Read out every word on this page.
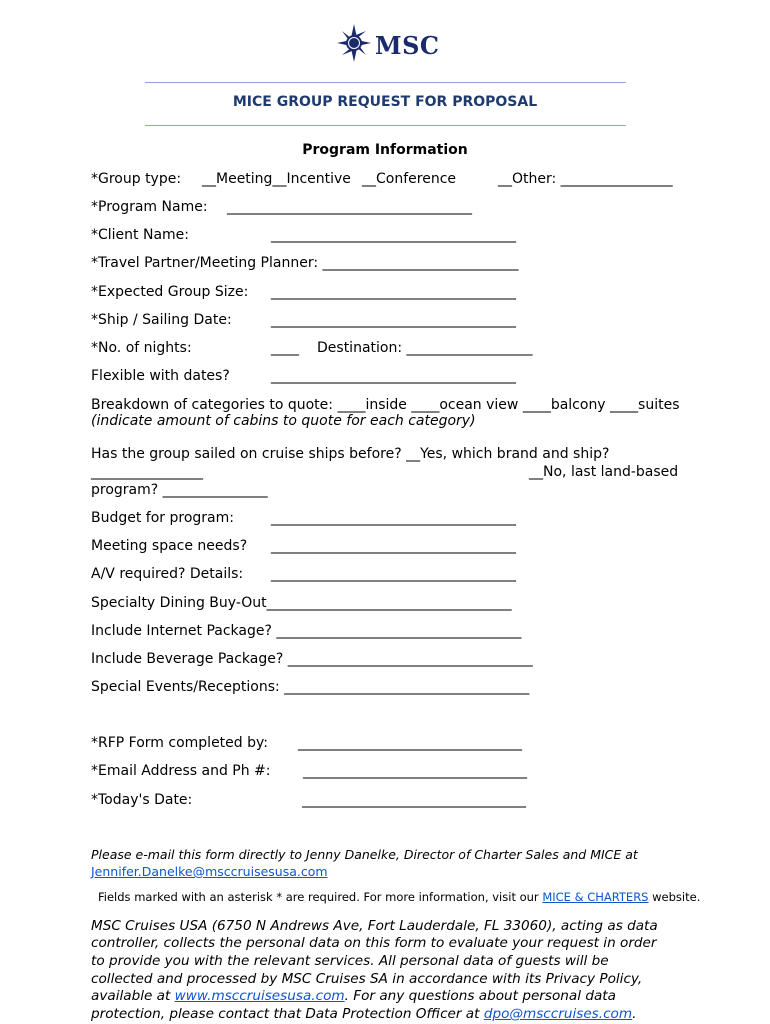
MSC
MICE GROUP REQUEST FOR PROPOSAL
Program Information
*Group type: __Meeting__Incentive __Conference	__Other: ________________
*Program Name: ___________________________________
*Client Name:	___________________________________
*Travel Partner/Meeting Planner: ____________________________
*Expected Group Size: ___________________________________
*Ship / Sailing Date:	___________________________________
*No. of nights:	____ Destination: __________________
Flexible with dates?	___________________________________
Breakdown of categories to quote: ____inside ____ocean view ____balcony ____suites
(indicate amount of cabins to quote for each category)
Has the group sailed on cruise ships before? __Yes, which brand and ship?
________________	__No, last land-based
program? _______________
Budget for program:	___________________________________
Meeting space needs? ___________________________________
A/V required? Details: ___________________________________
Specialty Dining Buy-Out___________________________________
Include Internet Package? ___________________________________
Include Beverage Package? ___________________________________
Special Events/Receptions: ___________________________________
*RFP Form completed by: ________________________________
*Email Address and Ph #: ________________________________
*Today's Date:	________________________________
Please e-mail this form directly to Jenny Danelke, Director of Charter Sales and MICE at
Jennifer.Danelke@msccruisesusa.com
Fields marked with an asterisk * are required. For more information, visit our MICE & CHARTERS website.
MSC Cruises USA (6750 N Andrews Ave, Fort Lauderdale, FL 33060), acting as data
controller, collects the personal data on this form to evaluate your request in order
to provide you with the relevant services. All personal data of guests will be
collected and processed by MSC Cruises SA in accordance with its Privacy Policy,
available at www.msccruisesusa.com. For any questions about personal data
protection, please contact that Data Protection Officer at dpo@msccruises.com.
